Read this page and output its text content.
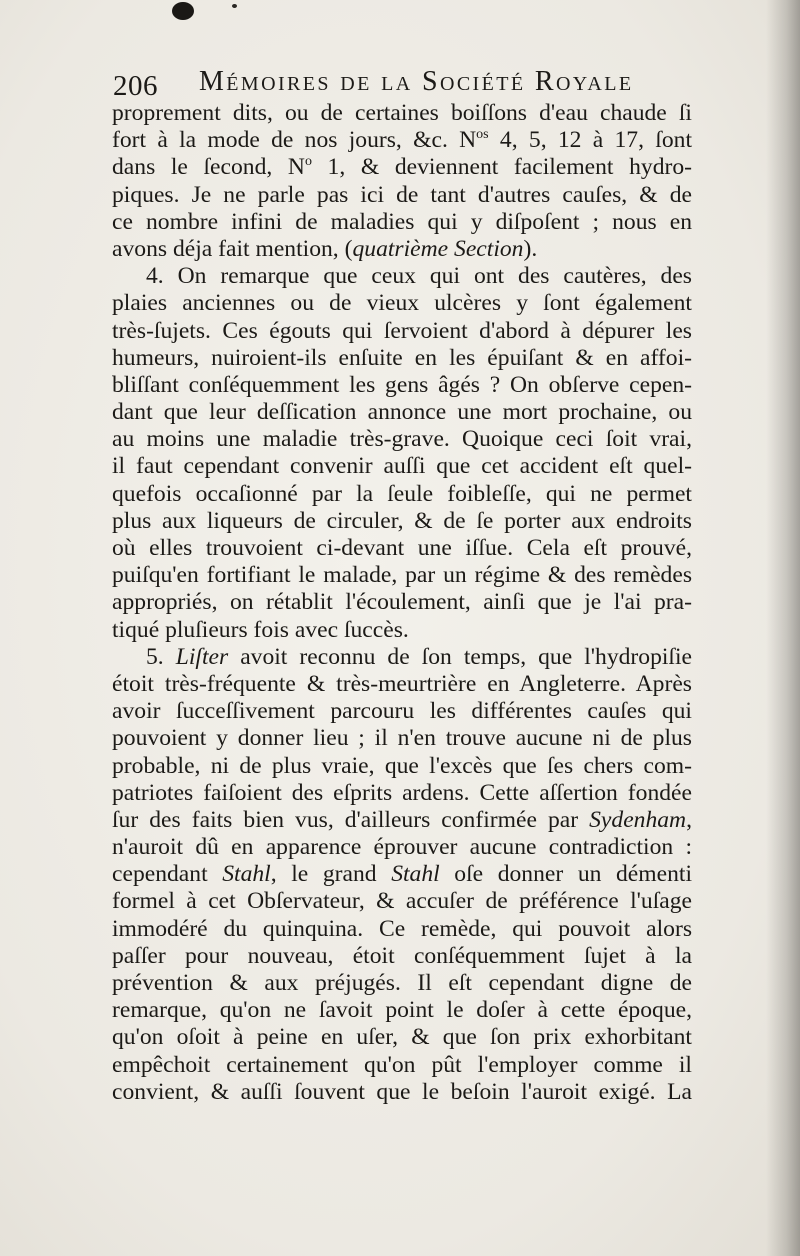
206 Mémoires de la Société Royale
proprement dits, ou de certaines boiſſons d'eau chaude ſi
fort à la mode de nos jours, &c. $N^{os}$ 4, 5, 12 à 17, ſont
dans le ſecond, $N^o$ 1, & deviennent facilement hydro-
piques. Je ne parle pas ici de tant d'autres cauſes, & de
ce nombre infini de maladies qui y diſpoſent ; nous en
avons déja fait mention, (quatrième Section).
4. On remarque que ceux qui ont des cautères, des
plaies anciennes ou de vieux ulcères y ſont également
très-ſujets. Ces égouts qui ſervoient d'abord à dépurer les
humeurs, nuiroient-ils enſuite en les épuiſant & en affoi-
bliſſant conſéquemment les gens âgés ? On obſerve cepen-
dant que leur deſſication annonce une mort prochaine, ou
au moins une maladie très-grave. Quoique ceci ſoit vrai,
il faut cependant convenir auſſi que cet accident eſt quel-
quefois occaſionné par la ſeule foibleſſe, qui ne permet
plus aux liqueurs de circuler, & de ſe porter aux endroits
où elles trouvoient ci-devant une iſſue. Cela eſt prouvé,
puiſqu'en fortifiant le malade, par un régime & des remèdes
appropriés, on rétablit l'écoulement, ainſi que je l'ai pra-
tiqué pluſieurs fois avec ſuccès.
5. Liſter avoit reconnu de ſon temps, que l'hydropiſie
étoit très-fréquente & très-meurtrière en Angleterre. Après
avoir ſucceſſivement parcouru les différentes cauſes qui
pouvoient y donner lieu ; il n'en trouve aucune ni de plus
probable, ni de plus vraie, que l'excès que ſes chers com-
patriotes faiſoient des eſprits ardens. Cette aſſertion fondée
ſur des faits bien vus, d'ailleurs confirmée par Sydenham,
n'auroit dû en apparence éprouver aucune contradiction :
cependant Stahl, le grand Stahl oſe donner un démenti
formel à cet Obſervateur, & accuſer de préférence l'uſage
immodéré du quinquina. Ce remède, qui pouvoit alors
paſſer pour nouveau, étoit conſéquemment ſujet à la
prévention & aux préjugés. Il eſt cependant digne de
remarque, qu'on ne ſavoit point le doſer à cette époque,
qu'on oſoit à peine en uſer, & que ſon prix exhorbitant
empêchoit certainement qu'on pût l'employer comme il
convient, & auſſi ſouvent que le beſoin l'auroit exigé. La
